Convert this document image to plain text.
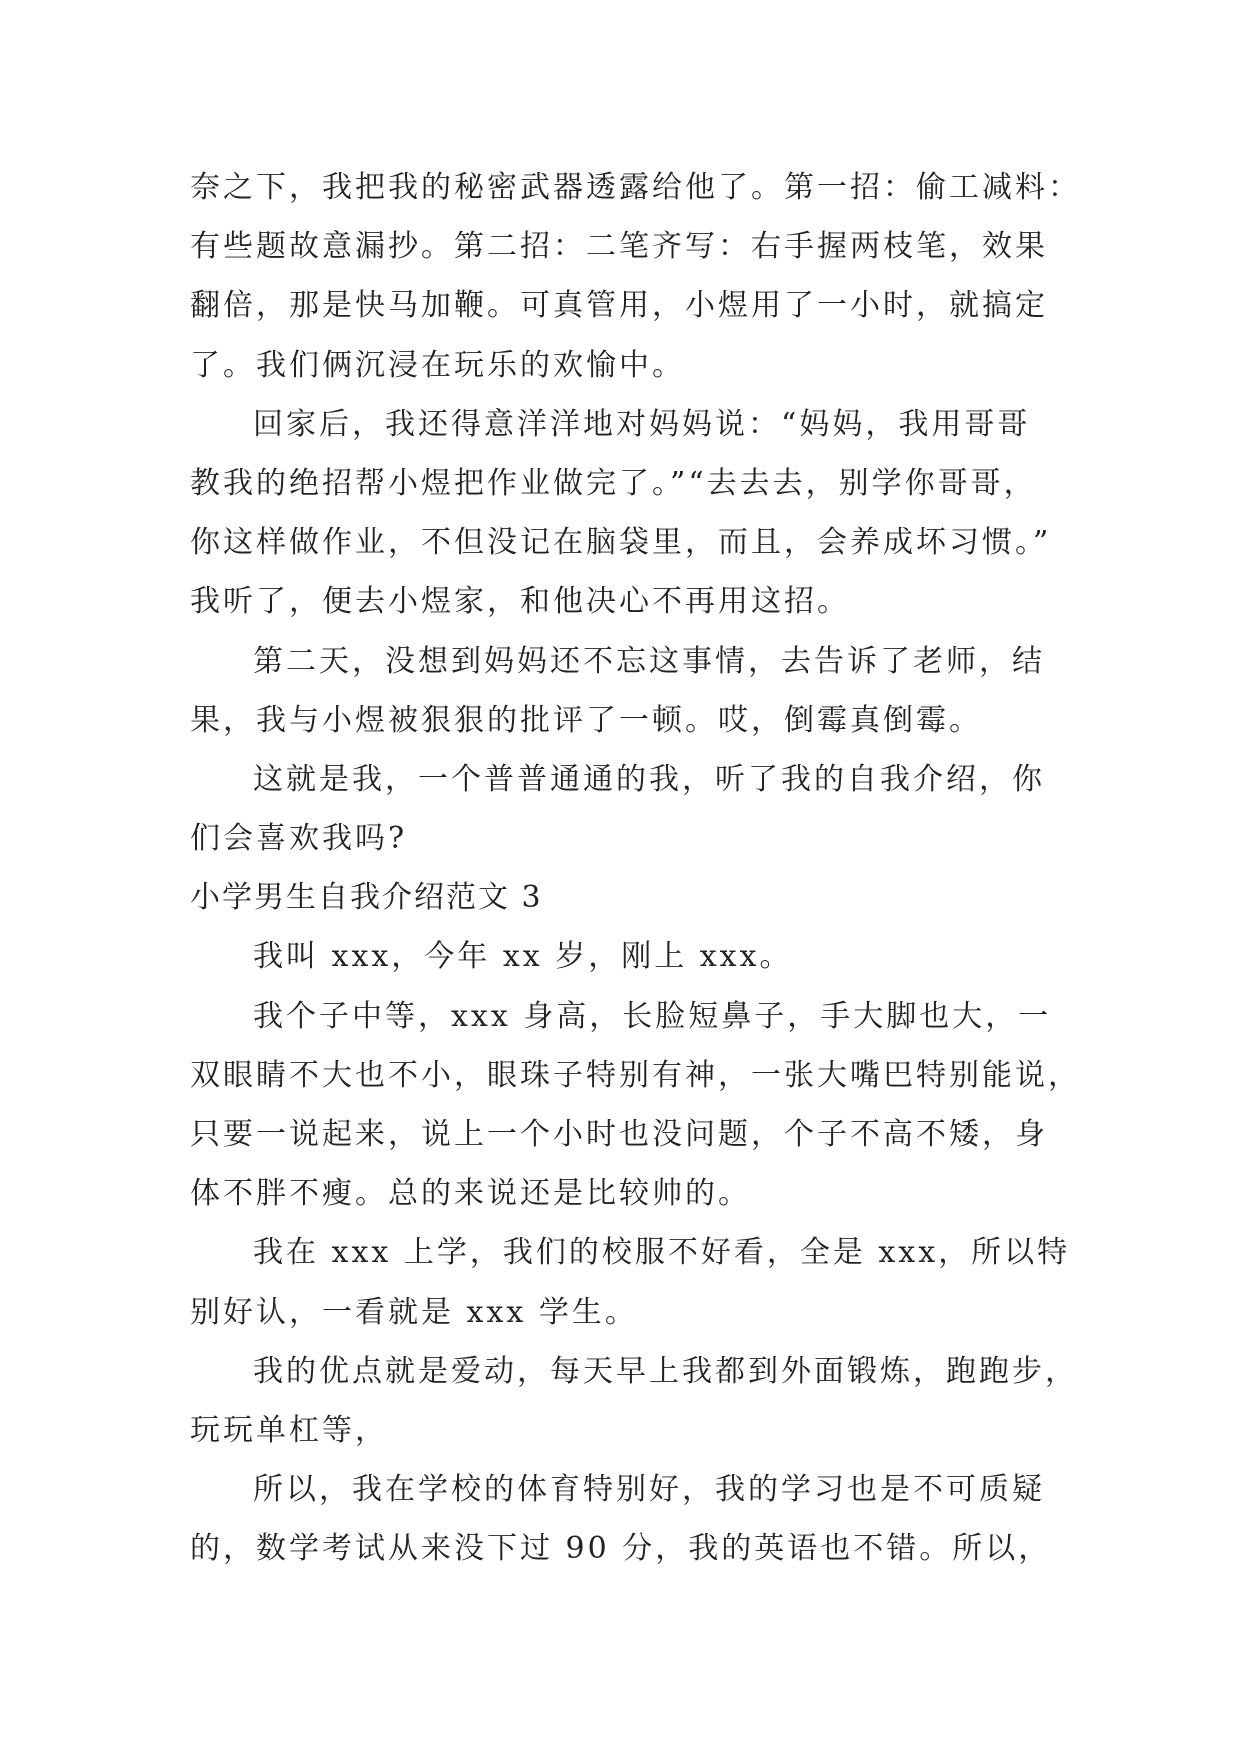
奈之下，我把我的秘密武器透露给他了。第一招：偷工减料：
有些题故意漏抄。第二招：二笔齐写：右手握两枝笔，效果
翻倍，那是快马加鞭。可真管用，小煜用了一小时，就搞定
了。我们俩沉浸在玩乐的欢愉中。
回家后，我还得意洋洋地对妈妈说：“妈妈，我用哥哥
教我的绝招帮小煜把作业做完了。”“去去去，别学你哥哥，
你这样做作业，不但没记在脑袋里，而且，会养成坏习惯。”
我听了，便去小煜家，和他决心不再用这招。
第二天，没想到妈妈还不忘这事情，去告诉了老师，结
果，我与小煜被狠狠的批评了一顿。哎，倒霉真倒霉。
这就是我，一个普普通通的我，听了我的自我介绍，你
们会喜欢我吗?
小学男生自我介绍范文 3
我叫 xxx，今年 xx 岁，刚上 xxx。
我个子中等，xxx 身高，长脸短鼻子，手大脚也大，一
双眼睛不大也不小，眼珠子特别有神，一张大嘴巴特别能说，
只要一说起来，说上一个小时也没问题，个子不高不矮，身
体不胖不瘦。总的来说还是比较帅的。
我在 xxx 上学，我们的校服不好看，全是 xxx，所以特
别好认，一看就是 xxx 学生。
我的优点就是爱动，每天早上我都到外面锻炼，跑跑步，
玩玩单杠等，
所以，我在学校的体育特别好，我的学习也是不可质疑
的，数学考试从来没下过 90 分，我的英语也不错。所以，
